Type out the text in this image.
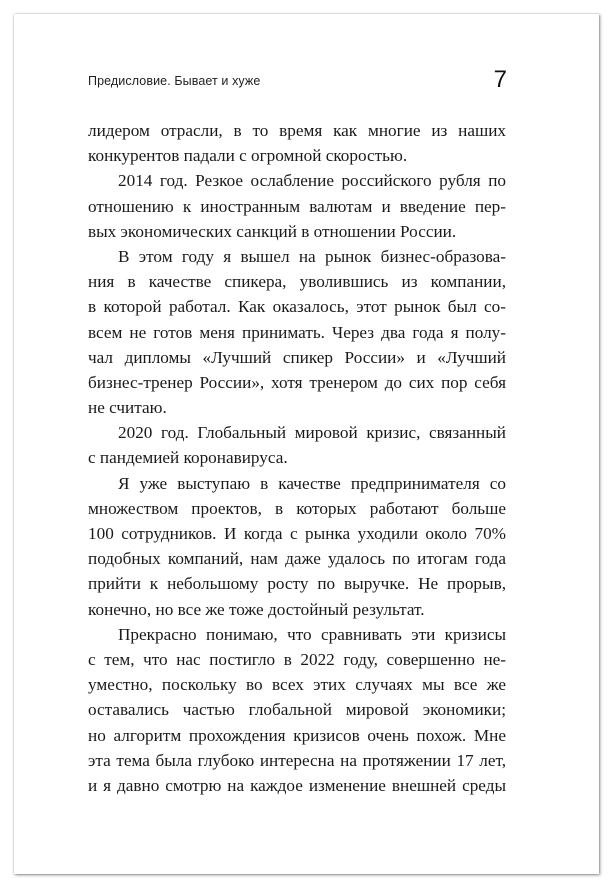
Предисловие. Бывает и хуже	7
лидером отрасли, в то время как многие из наших
конкурентов падали с огромной скоростью.
2014 год. Резкое ослабление российского рубля по
отношению к иностранным валютам и введение пер-
вых экономических санкций в отношении России.
В этом году я вышел на рынок бизнес-образова-
ния в качестве спикера, уволившись из компании,
в которой работал. Как оказалось, этот рынок был со-
всем не готов меня принимать. Через два года я полу-
чал дипломы «Лучший спикер России» и «Лучший
бизнес-тренер России», хотя тренером до сих пор себя
не считаю.
2020 год. Глобальный мировой кризис, связанный
с пандемией коронавируса.
Я уже выступаю в качестве предпринимателя со
множеством проектов, в которых работают больше
100 сотрудников. И когда с рынка уходили около 70%
подобных компаний, нам даже удалось по итогам года
прийти к небольшому росту по выручке. Не прорыв,
конечно, но все же тоже достойный результат.
Прекрасно понимаю, что сравнивать эти кризисы
с тем, что нас постигло в 2022 году, совершенно не-
уместно, поскольку во всех этих случаях мы все же
оставались частью глобальной мировой экономики;
но алгоритм прохождения кризисов очень похож. Мне
эта тема была глубоко интересна на протяжении 17 лет,
и я давно смотрю на каждое изменение внешней среды
